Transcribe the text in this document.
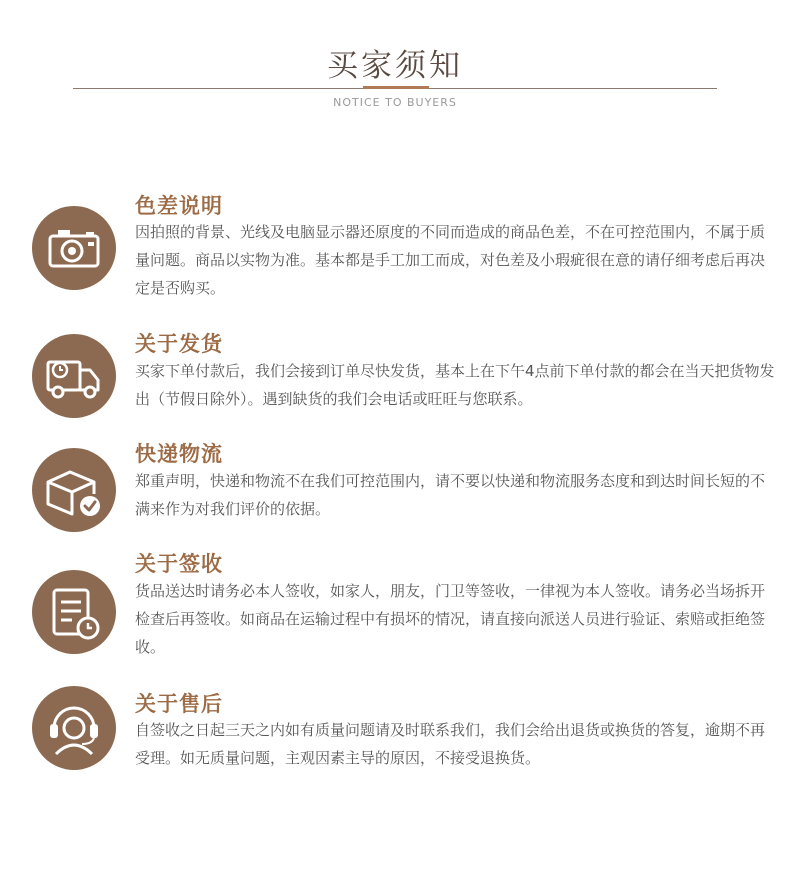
买家须知
NOTICE TO BUYERS
色差说明
因拍照的背景、光线及电脑显示器还原度的不同而造成的商品色差，不在可控范围内，不属于质量问题。商品以实物为准。基本都是手工加工而成，对色差及小瑕疵很在意的请仔细考虑后再决定是否购买。
关于发货
买家下单付款后，我们会接到订单尽快发货，基本上在下午4点前下单付款的都会在当天把货物发出（节假日除外）。遇到缺货的我们会电话或旺旺与您联系。
快递物流
郑重声明，快递和物流不在我们可控范围内，请不要以快递和物流服务态度和到达时间长短的不满来作为对我们评价的依据。
关于签收
货品送达时请务必本人签收，如家人，朋友，门卫等签收，一律视为本人签收。请务必当场拆开检查后再签收。如商品在运输过程中有损坏的情况，请直接向派送人员进行验证、索赔或拒绝签收。
关于售后
自签收之日起三天之内如有质量问题请及时联系我们，我们会给出退货或换货的答复，逾期不再受理。如无质量问题，主观因素主导的原因，不接受退换货。
